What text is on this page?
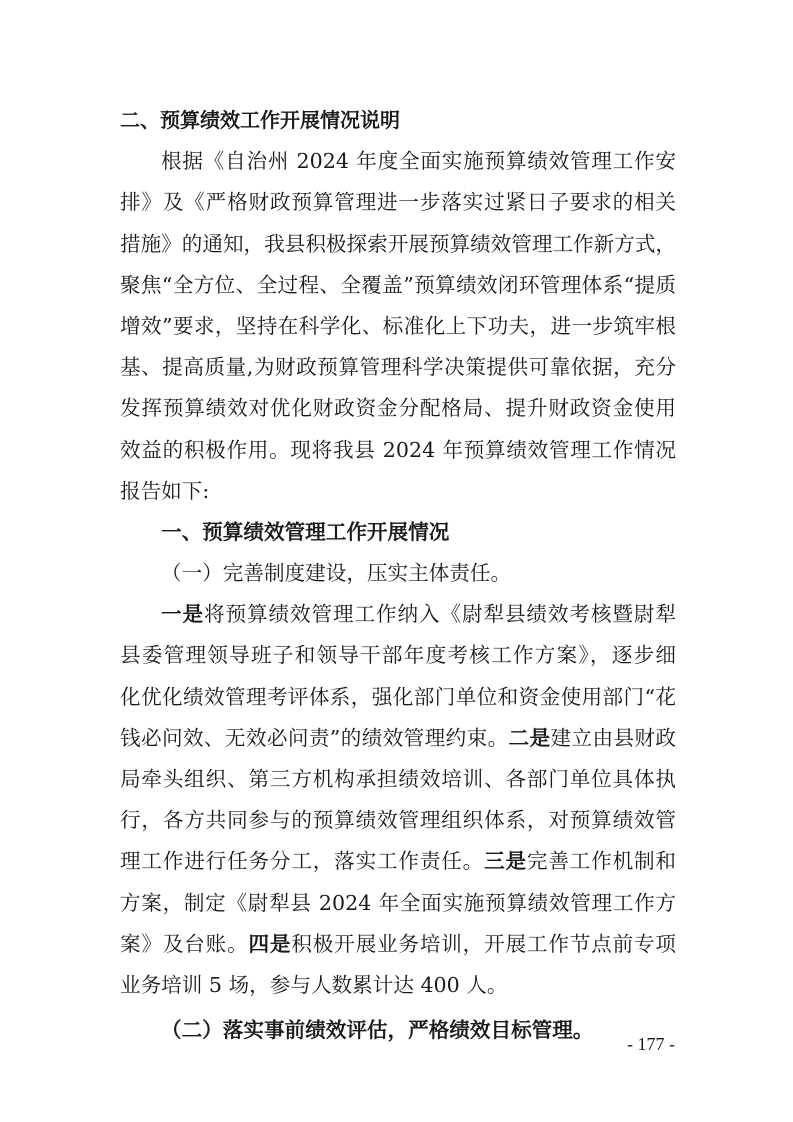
二、预算绩效工作开展情况说明
根据《自治州 2024 年度全面实施预算绩效管理工作安
排》及《严格财政预算管理进一步落实过紧日子要求的相关
措施》的通知，我县积极探索开展预算绩效管理工作新方式，
聚焦“全方位、全过程、全覆盖”预算绩效闭环管理体系“提质
增效”要求，坚持在科学化、标准化上下功夫，进一步筑牢根
基、提高质量,为财政预算管理科学决策提供可靠依据，充分
发挥预算绩效对优化财政资金分配格局、提升财政资金使用
效益的积极作用。现将我县 2024 年预算绩效管理工作情况
报告如下:
一、预算绩效管理工作开展情况
（一）完善制度建设，压实主体责任。
一是将预算绩效管理工作纳入《尉犁县绩效考核暨尉犁
县委管理领导班子和领导干部年度考核工作方案》，逐步细
化优化绩效管理考评体系，强化部门单位和资金使用部门“花
钱必问效、无效必问责”的绩效管理约束。二是建立由县财政
局牵头组织、第三方机构承担绩效培训、各部门单位具体执
行，各方共同参与的预算绩效管理组织体系，对预算绩效管
理工作进行任务分工，落实工作责任。三是完善工作机制和
方案，制定《尉犁县 2024 年全面实施预算绩效管理工作方
案》及台账。四是积极开展业务培训，开展工作节点前专项
业务培训 5 场，参与人数累计达 400 人。
（二）落实事前绩效评估，严格绩效目标管理。
- 177 -
